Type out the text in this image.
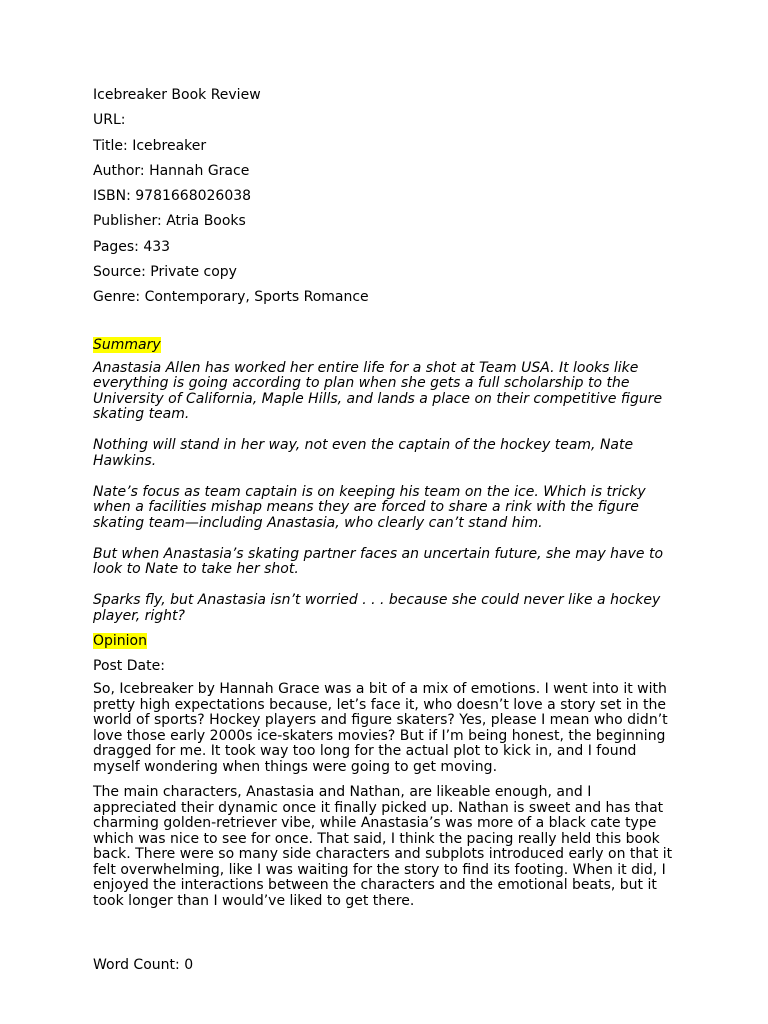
Icebreaker Book Review
URL:
Title: Icebreaker
Author: Hannah Grace
ISBN: 9781668026038
Publisher: Atria Books
Pages: 433
Source: Private copy
Genre: Contemporary, Sports Romance
Summary

Anastasia Allen has worked her entire life for a shot at Team USA. It looks like everything is going according to plan when she gets a full scholarship to the University of California, Maple Hills, and lands a place on their competitive figure skating team.

Nothing will stand in her way, not even the captain of the hockey team, Nate Hawkins.

Nate’s focus as team captain is on keeping his team on the ice. Which is tricky when a facilities mishap means they are forced to share a rink with the figure skating team—including Anastasia, who clearly can’t stand him.

But when Anastasia’s skating partner faces an uncertain future, she may have to look to Nate to take her shot.

Sparks fly, but Anastasia isn’t worried . . . because she could never like a hockey player, right?

Opinion
Post Date:

So, Icebreaker by Hannah Grace was a bit of a mix of emotions. I went into it with pretty high expectations because, let’s face it, who doesn’t love a story set in the world of sports? Hockey players and figure skaters? Yes, please I mean who didn’t love those early 2000s ice-skaters movies? But if I’m being honest, the beginning dragged for me. It took way too long for the actual plot to kick in, and I found myself wondering when things were going to get moving.

The main characters, Anastasia and Nathan, are likeable enough, and I appreciated their dynamic once it finally picked up. Nathan is sweet and has that charming golden-retriever vibe, while Anastasia’s was more of a black cate type which was nice to see for once. That said, I think the pacing really held this book back. There were so many side characters and subplots introduced early on that it felt overwhelming, like I was waiting for the story to find its footing. When it did, I enjoyed the interactions between the characters and the emotional beats, but it took longer than I would’ve liked to get there.

Word Count: 0
